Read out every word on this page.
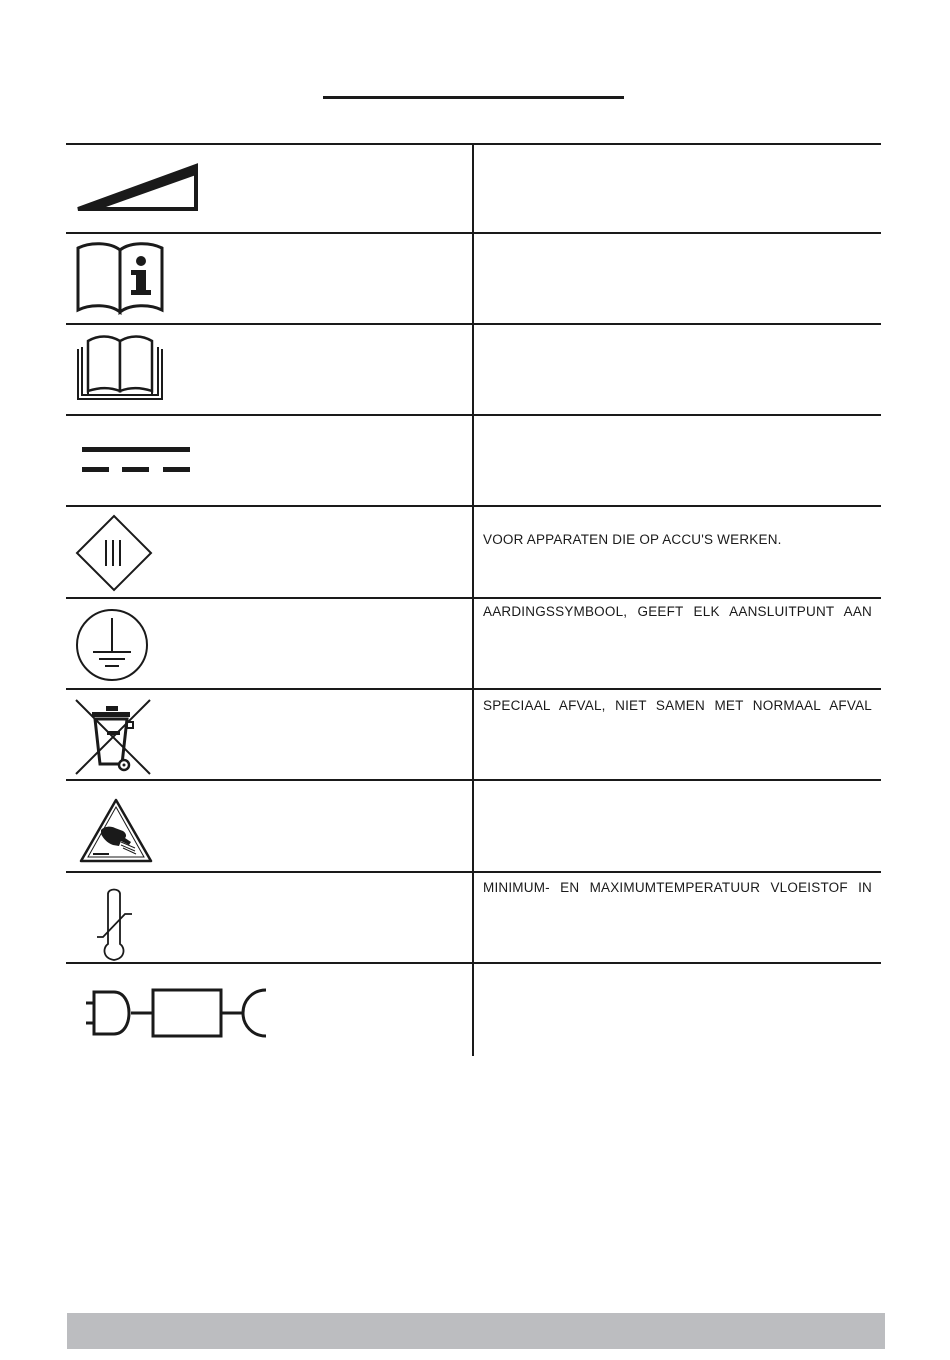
VOOR APPARATEN DIE OP ACCU'S WERKEN.
AARDINGSSYMBOOL, GEEFT ELK AANSLUITPUNT AAN
SPECIAAL AFVAL, NIET SAMEN MET NORMAAL AFVAL
MINIMUM- EN MAXIMUMTEMPERATUUR VLOEISTOF IN
